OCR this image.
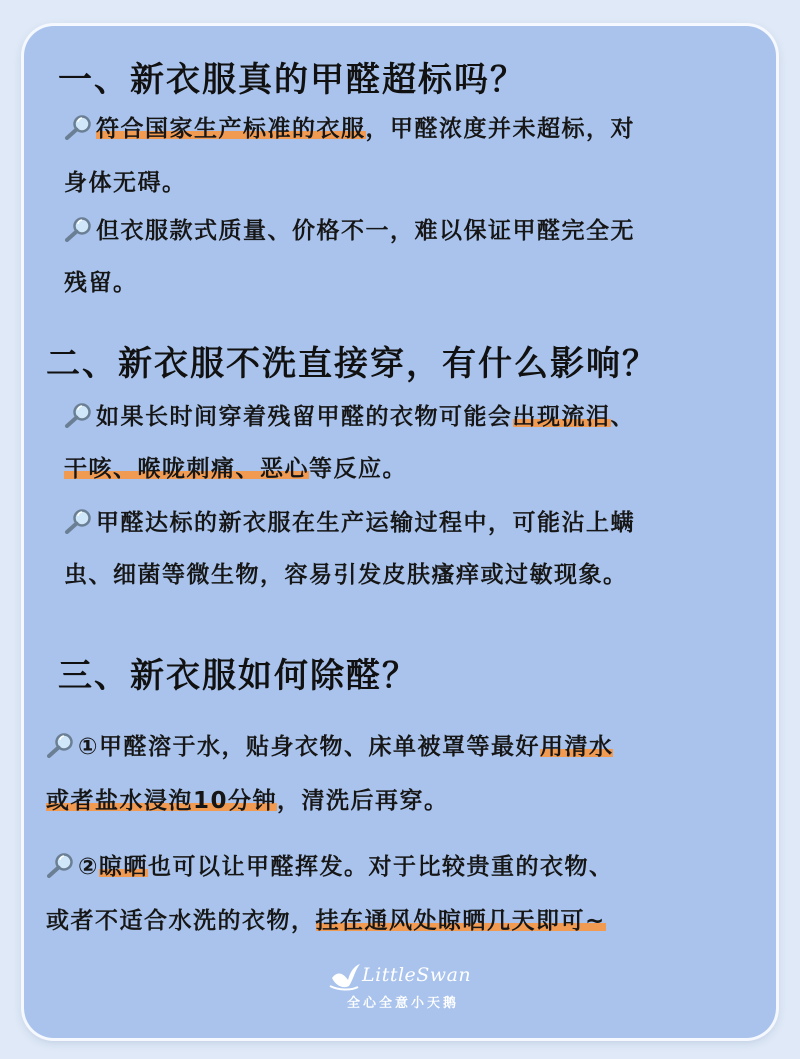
一、新衣服真的甲醛超标吗？

符合国家生产标准的衣服，甲醛浓度并未超标，对

身体无碍。

但衣服款式质量、价格不一，难以保证甲醛完全无

残留。

二、新衣服不洗直接穿，有什么影响？

如果长时间穿着残留甲醛的衣物可能会出现流泪、

干咳、喉咙刺痛、恶心等反应。

甲醛达标的新衣服在生产运输过程中，可能沾上螨

虫、细菌等微生物，容易引发皮肤瘙痒或过敏现象。

三、新衣服如何除醛？

①甲醛溶于水，贴身衣物、床单被罩等最好用清水

或者盐水浸泡10分钟，清洗后再穿。

②晾晒也可以让甲醛挥发。对于比较贵重的衣物、

或者不适合水洗的衣物，挂在通风处晾晒几天即可~

LittleSwan
全心全意小天鹅
